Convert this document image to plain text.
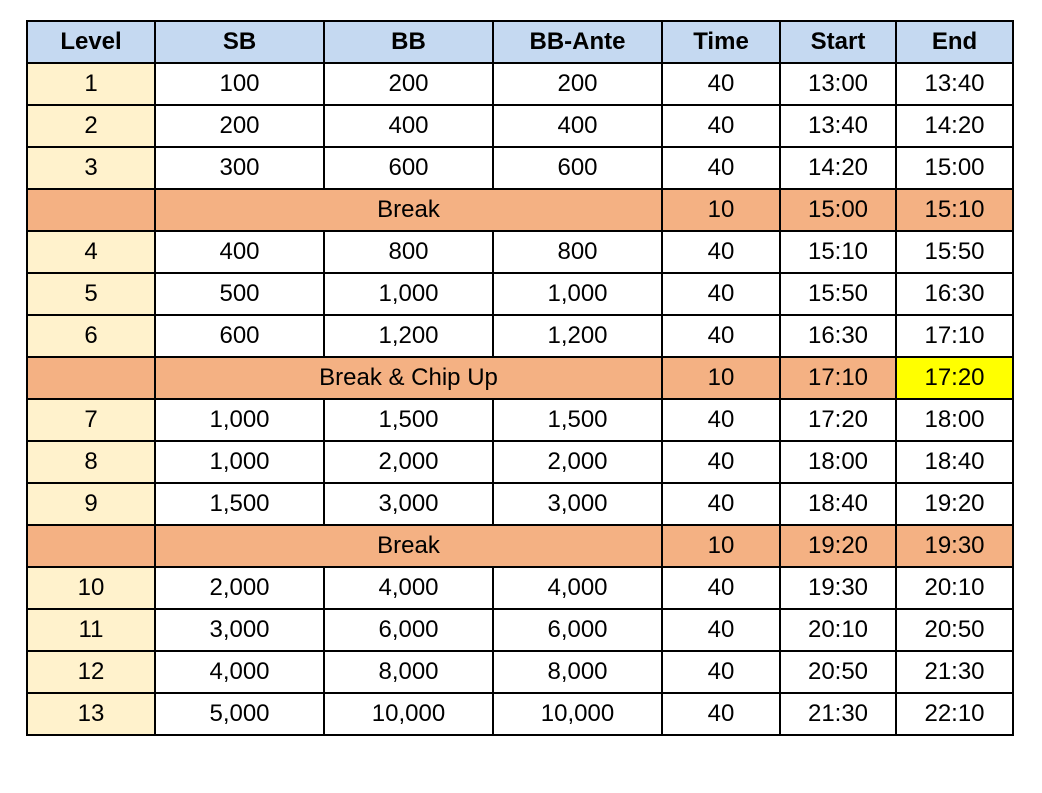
Level	SB	BB	BB-Ante	Time	Start	End
1	100	200	200	40	13:00	13:40
2	200	400	400	40	13:40	14:20
3	300	600	600	40	14:20	15:00
	Break			10	15:00	15:10
4	400	800	800	40	15:10	15:50
5	500	1,000	1,000	40	15:50	16:30
6	600	1,200	1,200	40	16:30	17:10
	Break & Chip Up			10	17:10	17:20
7	1,000	1,500	1,500	40	17:20	18:00
8	1,000	2,000	2,000	40	18:00	18:40
9	1,500	3,000	3,000	40	18:40	19:20
	Break			10	19:20	19:30
10	2,000	4,000	4,000	40	19:30	20:10
11	3,000	6,000	6,000	40	20:10	20:50
12	4,000	8,000	8,000	40	20:50	21:30
13	5,000	10,000	10,000	40	21:30	22:10
